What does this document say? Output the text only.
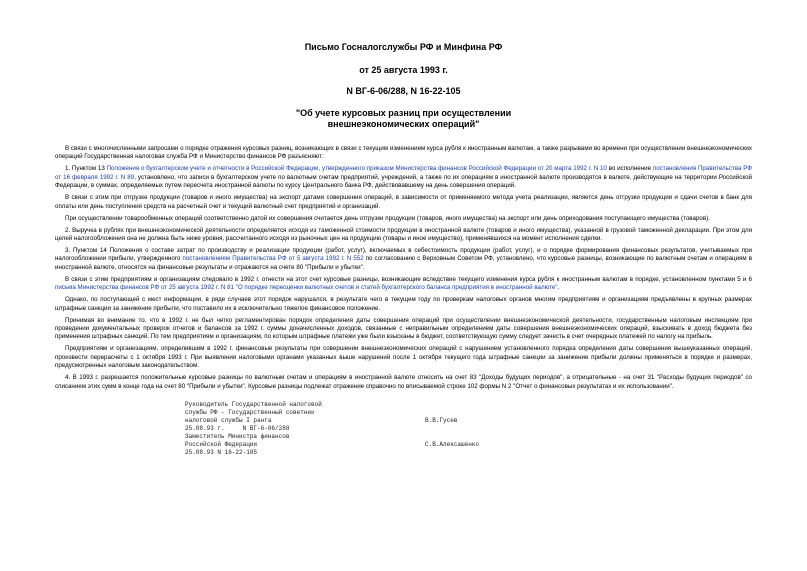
Письмо Госналогслужбы РФ и Минфина РФ

от 25 августа 1993 г.

N ВГ-6-06/288, N 16-22-105

"Об учете курсовых разниц при осуществлении

внешнеэкономических операций"

В связи с многочисленными запросами о порядке отражения курсовых разниц, возникающих в связи с текущим изменением курса рубля к иностранным валютам, а также разрывами во времени при осуществлении внешнеэкономических операций Государственная налоговая служба РФ и Министерство финансов РФ разъясняют:

1. Пунктом 13 Положения о бухгалтерском учете и отчетности в Российской Федерации, утвержденного приказом Министерства финансов Российской Федерации от 20 марта 1992 г. N 10 во исполнение постановления Правительства РФ от 16 февраля 1992 г. N 89, установлено, что записи в бухгалтерском учете по валютным счетам предприятий, учреждений, а также по их операциям в иностранной валюте производятся в валюте, действующие на территории Российской Федерации, в суммах, определяемых путем пересчета иностранной валюты по курсу Центрального банка РФ, действовавшему на день совершения операций.

В связи с этим при отгрузке продукции (товаров и иного имущества) на экспорт датами совершения операций, в зависимости от применяемого метода учета реализации, является день отгрузки продукции и сдачи счетов в банк для оплаты или день поступления средств на расчетный счет и текущий валютный счет предприятий и организаций.

При осуществлении товарообменных операций соответственно датой их совершения считается день отгрузки продукции (товаров, иного имущества) на экспорт или день оприходования поступающего имущества (товаров).

2. Выручка в рублях при внешнеэкономической деятельности определяется исходя из таможенной стоимости продукции в иностранной валюте (товаров и иного имущества), указанной в грузовой таможенной декларации. При этом для целей налогообложения она не должна быть ниже уровня, рассчитанного исходя из рыночных цен на продукцию (товары и иное имущество), применявшихся на момент исполнения сделки.

3. Пунктом 14 Положения о составе затрат по производству и реализации продукции (работ, услуг), включаемых в себестоимость продукции (работ, услуг), и о порядке формирования финансовых результатов, учитываемых при налогообложении прибыли, утвержденного постановлением Правительства РФ от 5 августа 1992 г. N 552 по согласованию с Верховным Советом РФ, установлено, что курсовые разницы, возникающие по валютным счетам и операциям в иностранной валюте, относятся на финансовые результаты и отражаются на счете 80 "Прибыли и убытки".

В связи с этим предприятиям и организациям следовало в 1992 г. отнести на этот счет курсовые разницы, возникающие вследствие текущего изменения курса рубля к иностранным валютам в порядке, установленном пунктами 5 и 6 письма Министерства финансов РФ от 25 августа 1992 г. N 81 "О порядке переоценки валютных счетов и статей бухгалтерского баланса предприятия в иностранной валюте".

Однако, по поступающей с мест информации, в ряде случаев этот порядок нарушался, в результате чего в текущем году по проверкам налоговых органов многим предприятиям и организациям предъявлены в крупных размерах штрафные санкции за занижение прибыли, что поставило их в исключительно тяжелое финансовое положение.

Принимая во внимание то, что в 1992 г. не был четко регламентирован порядок определения даты совершения операций при осуществлении внешнеэкономической деятельности, государственным налоговым инспекциям при проведении документальных проверок отчетов и балансов за 1992 г. суммы доначисленных доходов, связанные с неправильным определением даты совершения внешнеэкономических операций, взыскивать в доход бюджета без применения штрафных санкций. По тем предприятиям и организациям, по которым штрафные платежи уже были взысканы в бюджет, соответствующую сумму следует зачесть в счет очередных платежей по налогу на прибыль.

Предприятиям и организациям, определившим в 1992 г. финансовые результаты при совершении внешнеэкономических операций с нарушением установленного порядка определения даты совершения вышеуказанных операций, произвести перерасчеты с 1 октября 1993 г. При выявлении налоговыми органами указанных выше нарушений после 1 октября текущего года штрафные санкции за занижение прибыли должны применяться в порядке и размерах, предусмотренных налоговым законодательством.

4. В 1993 г. разрешается положительные курсовые разницы по валютным счетам и операциям в иностранной валюте относить на счет 83 "Доходы будущих периодов", а отрицательные - на счет 31 "Расходы будущих периодов" со списанием этих сумм в конце года на счет 80 "Прибыли и убытки". Курсовые разницы подлежат отражение справочно по вписываемой строке 102 формы N 2 "Отчет о финансовых результатах и их использовании".

Руководитель Государственной налоговой
службы РФ - Государственный советник
налоговой службы I ранга	В.В.Гусев
25.08.93 г.     N ВГ-6-06/288
Заместитель Министра финансов
Российской Федерации	С.В.Алексашенко
25.08.93 N 16-22-105
